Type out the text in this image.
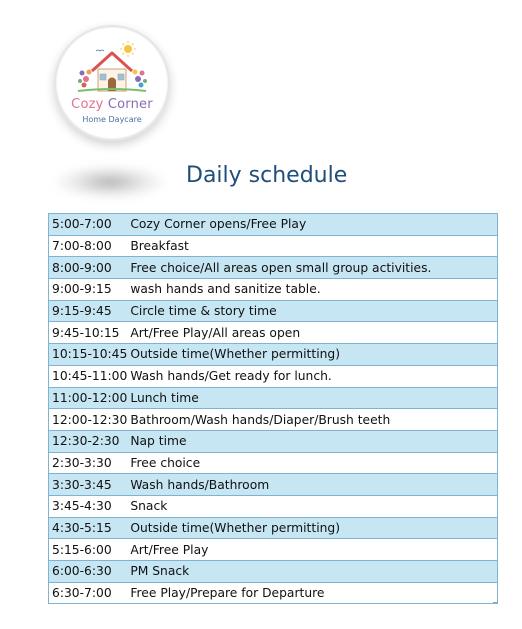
Cozy Corner
Home Daycare
Daily schedule
5:00-7:00	Cozy Corner opens/Free Play
7:00-8:00	Breakfast
8:00-9:00	Free choice/All areas open small group activities.
9:00-9:15	wash hands and sanitize table.
9:15-9:45	Circle time & story time
9:45-10:15	Art/Free Play/All areas open
10:15-10:45	Outside time(Whether permitting)
10:45-11:00	Wash hands/Get ready for lunch.
11:00-12:00	Lunch time
12:00-12:30	Bathroom/Wash hands/Diaper/Brush teeth
12:30-2:30	Nap time
2:30-3:30	Free choice
3:30-3:45	Wash hands/Bathroom
3:45-4:30	Snack
4:30-5:15	Outside time(Whether permitting)
5:15-6:00	Art/Free Play
6:00-6:30	PM Snack
6:30-7:00	Free Play/Prepare for Departure
